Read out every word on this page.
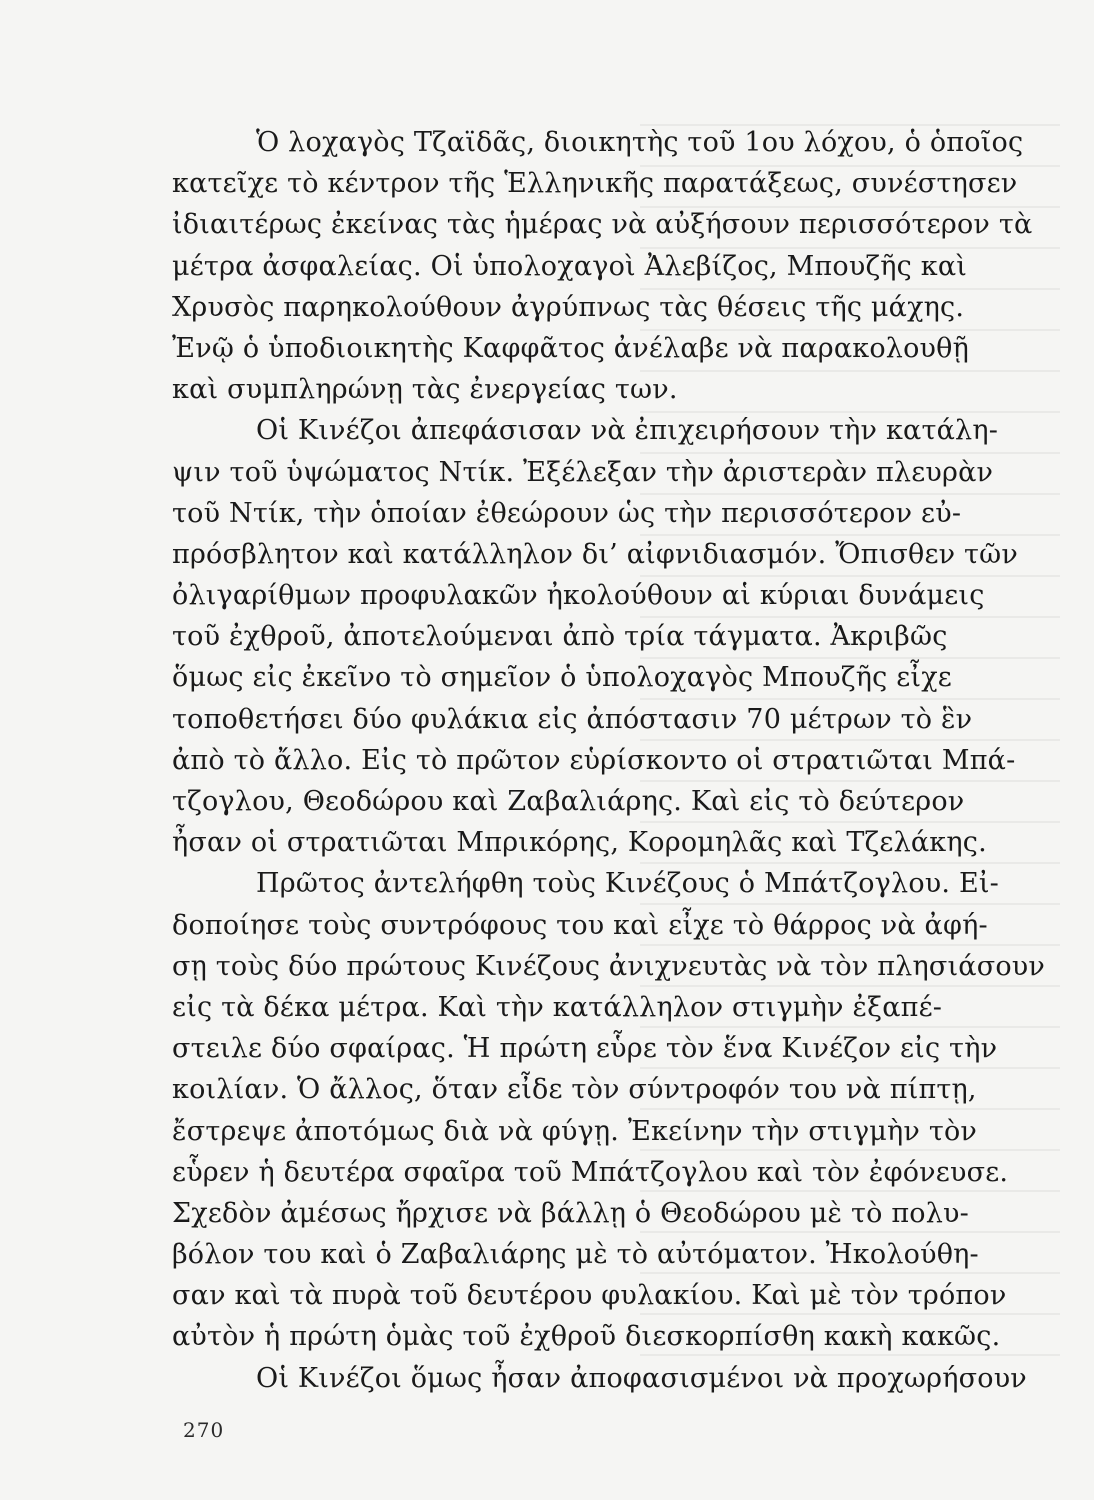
Ὁ λοχαγὸς Τζαϊδᾶς, διοικητὴς τοῦ 1ου λόχου, ὁ ὁποῖος
κατεῖχε τὸ κέντρον τῆς Ἑλληνικῆς παρατάξεως, συνέστησεν
ἰδιαιτέρως ἐκείνας τὰς ἡμέρας νὰ αὐξήσουν περισσότερον τὰ
μέτρα ἀσφαλείας. Οἱ ὑπολοχαγοὶ Ἀλεβίζος, Μπουζῆς καὶ
Χρυσὸς παρηκολούθουν ἀγρύπνως τὰς θέσεις τῆς μάχης.
Ἐνῷ ὁ ὑποδιοικητὴς Καφφᾶτος ἀνέλαβε νὰ παρακολουθῇ
καὶ συμπληρώνῃ τὰς ἐνεργείας των.
Οἱ Κινέζοι ἀπεφάσισαν νὰ ἐπιχειρήσουν τὴν κατάλη-
ψιν τοῦ ὑψώματος Ντίκ. Ἐξέλεξαν τὴν ἀριστερὰν πλευρὰν
τοῦ Ντίκ, τὴν ὁποίαν ἐθεώρουν ὡς τὴν περισσότερον εὐ-
πρόσβλητον καὶ κατάλληλον δι’ αἰφνιδιασμόν. Ὄπισθεν τῶν
ὀλιγαρίθμων προφυλακῶν ἠκολούθουν αἱ κύριαι δυνάμεις
τοῦ ἐχθροῦ, ἀποτελούμεναι ἀπὸ τρία τάγματα. Ἀκριβῶς
ὅμως εἰς ἐκεῖνο τὸ σημεῖον ὁ ὑπολοχαγὸς Μπουζῆς εἶχε
τοποθετήσει δύο φυλάκια εἰς ἀπόστασιν 70 μέτρων τὸ ἓν
ἀπὸ τὸ ἄλλο. Εἰς τὸ πρῶτον εὑρίσκοντο οἱ στρατιῶται Μπά-
τζογλου, Θεοδώρου καὶ Ζαβαλιάρης. Καὶ εἰς τὸ δεύτερον
ἦσαν οἱ στρατιῶται Μπρικόρης, Κορομηλᾶς καὶ Τζελάκης.
Πρῶτος ἀντελήφθη τοὺς Κινέζους ὁ Μπάτζογλου. Εἰ-
δοποίησε τοὺς συντρόφους του καὶ εἶχε τὸ θάρρος νὰ ἀφή-
σῃ τοὺς δύο πρώτους Κινέζους ἀνιχνευτὰς νὰ τὸν πλησιάσουν
εἰς τὰ δέκα μέτρα. Καὶ τὴν κατάλληλον στιγμὴν ἐξαπέ-
στειλε δύο σφαίρας. Ἡ πρώτη εὗρε τὸν ἕνα Κινέζον εἰς τὴν
κοιλίαν. Ὁ ἄλλος, ὅταν εἶδε τὸν σύντροφόν του νὰ πίπτῃ,
ἔστρεψε ἀποτόμως διὰ νὰ φύγῃ. Ἐκείνην τὴν στιγμὴν τὸν
εὗρεν ἡ δευτέρα σφαῖρα τοῦ Μπάτζογλου καὶ τὸν ἐφόνευσε.
Σχεδὸν ἀμέσως ἤρχισε νὰ βάλλῃ ὁ Θεοδώρου μὲ τὸ πολυ-
βόλον του καὶ ὁ Ζαβαλιάρης μὲ τὸ αὐτόματον. Ἠκολούθη-
σαν καὶ τὰ πυρὰ τοῦ δευτέρου φυλακίου. Καὶ μὲ τὸν τρόπον
αὐτὸν ἡ πρώτη ὁμὰς τοῦ ἐχθροῦ διεσκορπίσθη κακὴ κακῶς.
Οἱ Κινέζοι ὅμως ἦσαν ἀποφασισμένοι νὰ προχωρήσουν
270
